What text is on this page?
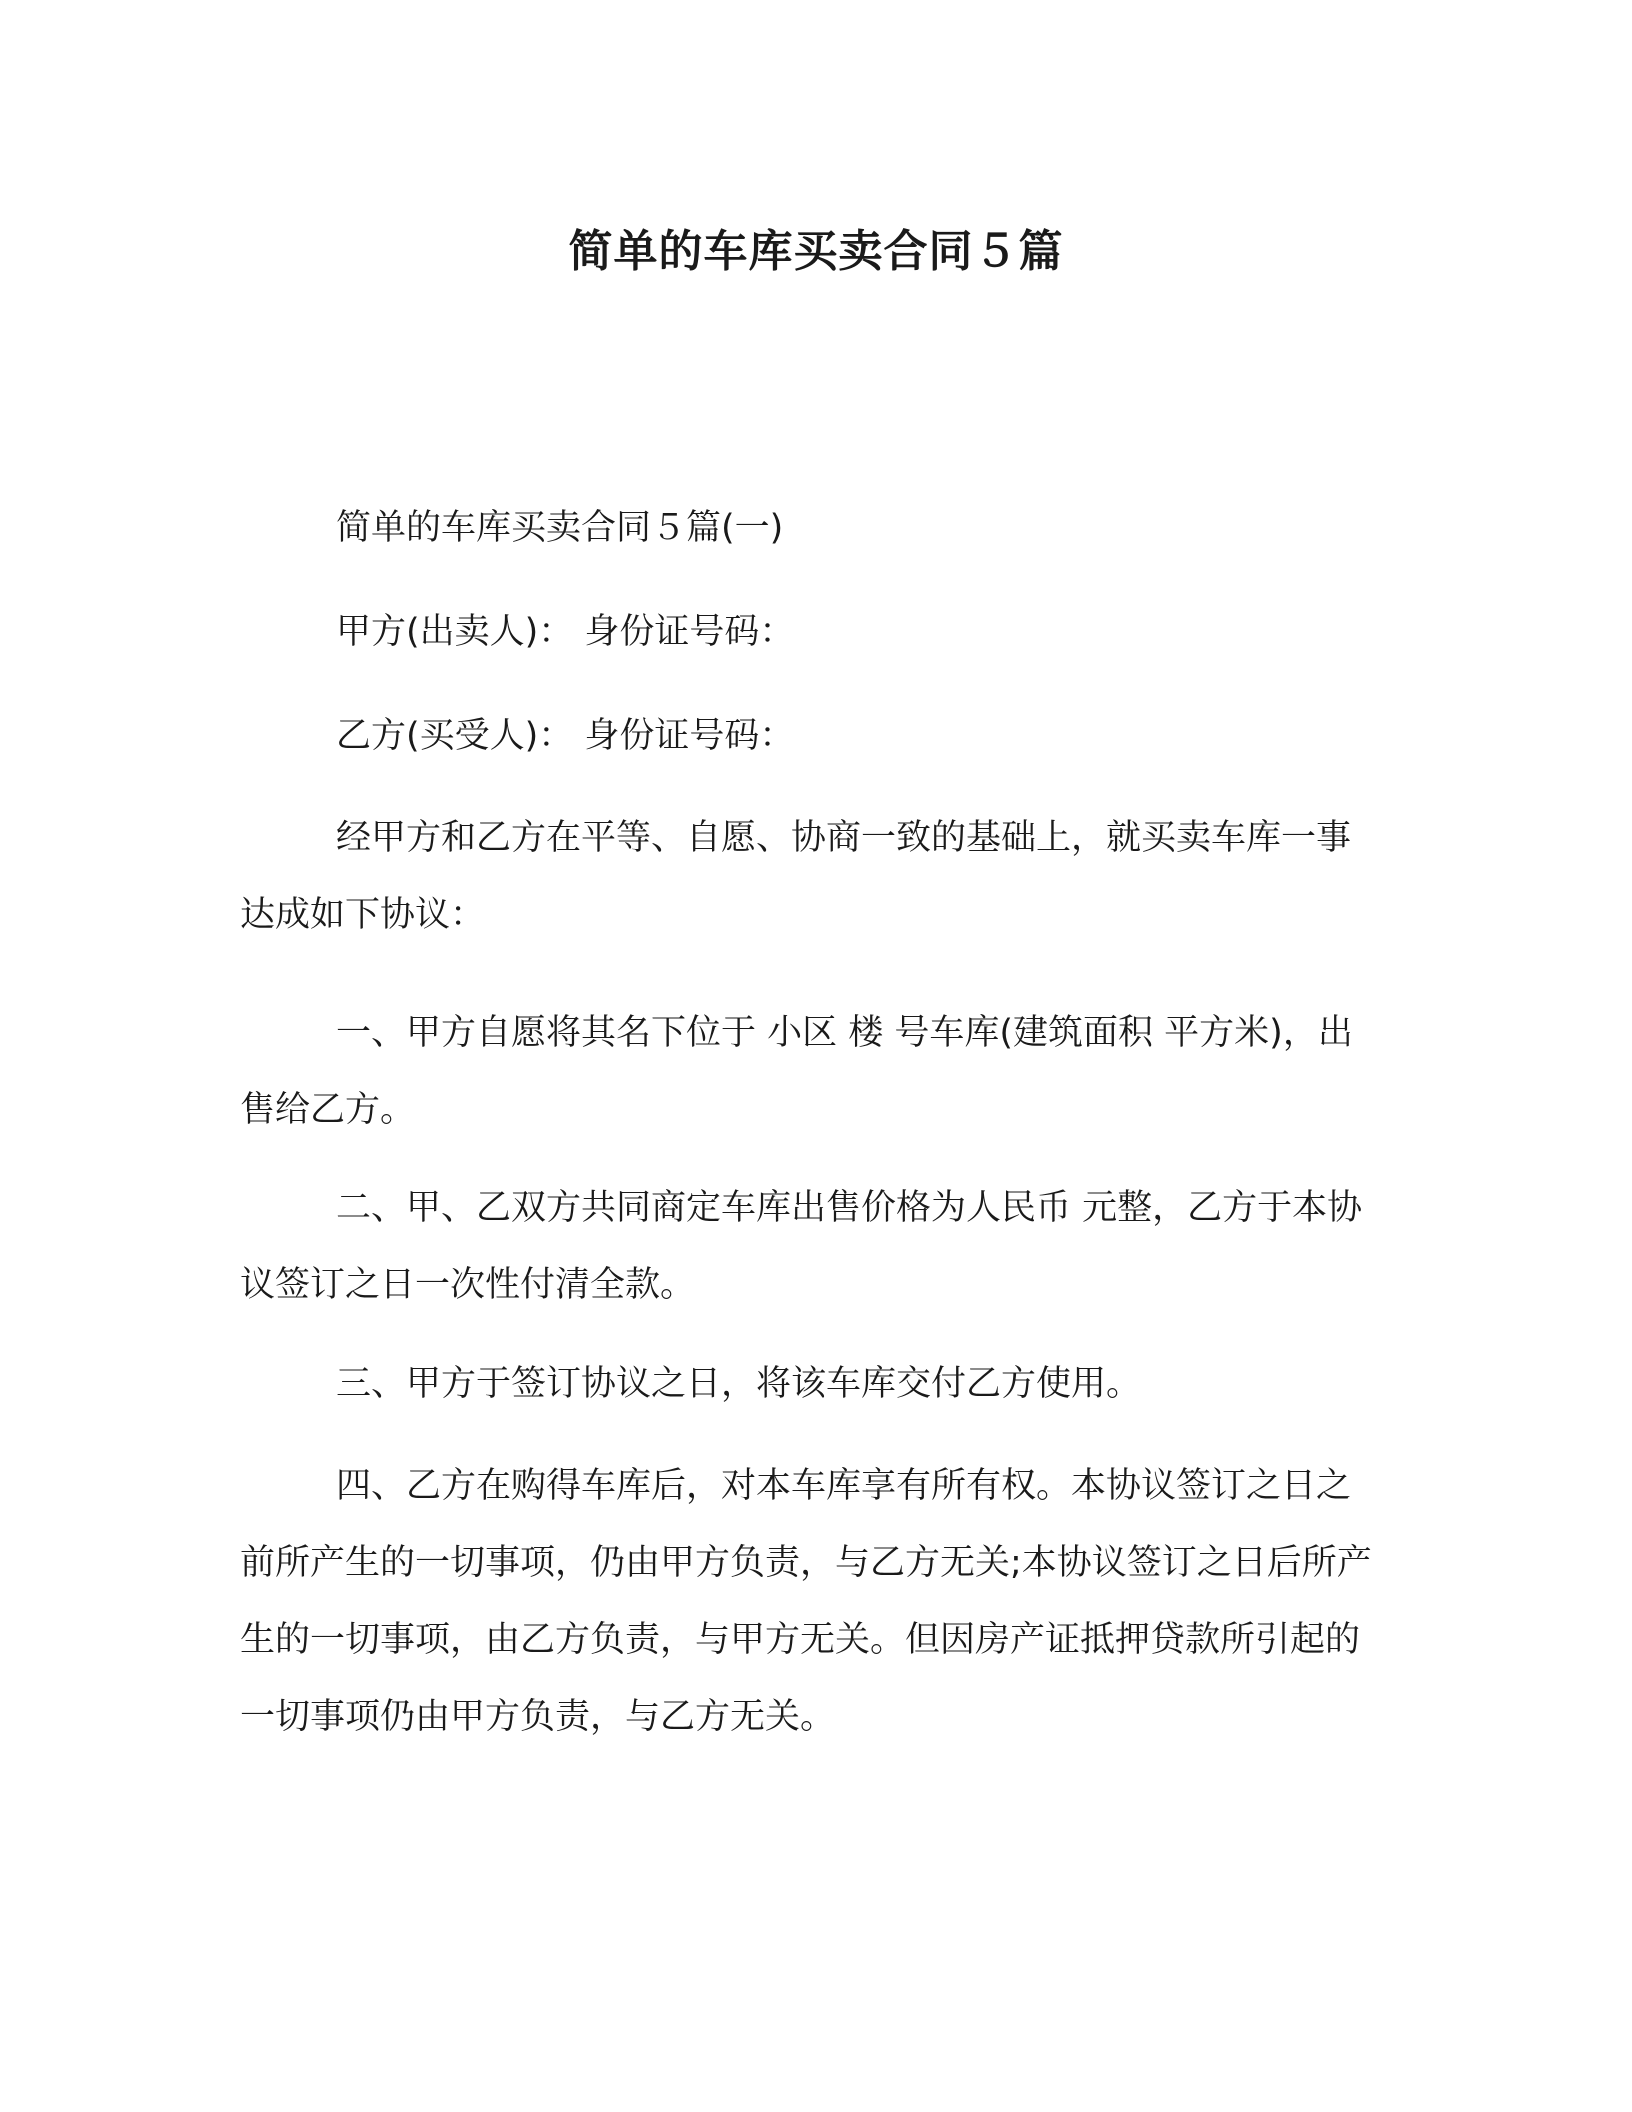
简单的车库买卖合同５篇

简单的车库买卖合同５篇(一)

甲方(出卖人)： 身份证号码：

乙方(买受人)： 身份证号码：

经甲方和乙方在平等、自愿、协商一致的基础上，就买卖车库一事达成如下协议：

一、甲方自愿将其名下位于 小区 楼 号车库(建筑面积 平方米)，出售给乙方。

二、甲、乙双方共同商定车库出售价格为人民币 元整，乙方于本协议签订之日一次性付清全款。

三、甲方于签订协议之日，将该车库交付乙方使用。

四、乙方在购得车库后，对本车库享有所有权。本协议签订之日之前所产生的一切事项，仍由甲方负责，与乙方无关;本协议签订之日后所产生的一切事项，由乙方负责，与甲方无关。但因房产证抵押贷款所引起的一切事项仍由甲方负责，与乙方无关。
